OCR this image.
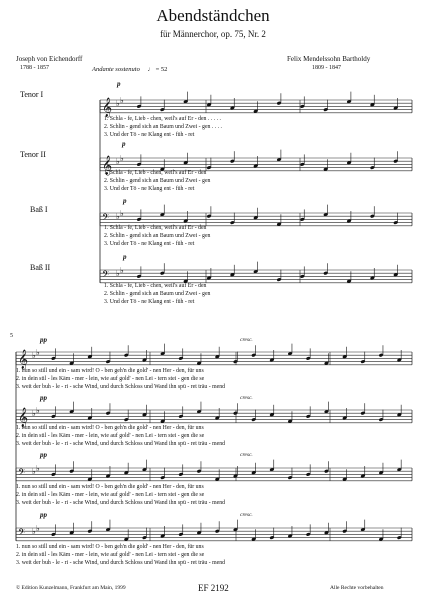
Abendständchen
für Männerchor, op. 75, Nr. 2
Joseph von Eichendorff
1788 - 1857
Felix Mendelssohn Bartholdy
1809 - 1847
Andante sostenuto ♩ = 52
Tenor I
Tenor II
Baß I
Baß II
𝄞 ♭ ♭
𝄞 ♭ ♭
𝄢 ♭ ♭
𝄢 ♭ ♭
𝄞 ♭ ♭
𝄞 ♭ ♭
𝄢 ♭ ♭
𝄢 ♭ ♭
p
p
p
p
5	pp
pp
pp
pp
cresc.
cresc.
cresc.
cresc.
1. Schla - fe, Lieb - chen, weil's auf Er - den . . . . .
2. Schlin - gend sich an Baum und Zwei - gen . . . .
3. Und der Tö - ne Klang ent - füh - ret
1. Schla - fe, Lieb - chen, weil's auf Er - den
2. Schlin - gend sich an Baum und Zwei - gen
3. Und der Tö - ne Klang ent - füh - ret
1. Schla - fe, Lieb - chen, weil's auf Er - den
2. Schlin - gend sich an Baum und Zwei - gen
3. Und der Tö - ne Klang ent - füh - ret
1. Schla - fe, Lieb - chen, weil's auf Er - den
2. Schlin - gend sich an Baum und Zwei - gen
3. Und der Tö - ne Klang ent - füh - ret
1. nun so still und ein - sam wird! O - ben geh'n die gold' - nen Her - den, für uns
2. in dein stil - les Käm - mer - lein, wie auf gold' - nen Lei - tern stei - gen die se
3. weit der buh - le - ri - sche Wind, und durch Schloss und Wand ihn spü - ret träu - mend
1. nun so still und ein - sam wird! O - ben geh'n die gold' - nen Her - den, für uns
2. in dein stil - les Käm - mer - lein, wie auf gold' - nen Lei - tern stei - gen die se
3. weit der buh - le - ri - sche Wind, und durch Schloss und Wand ihn spü - ret träu - mend
1. nun so still und ein - sam wird! O - ben geh'n die gold' - nen Her - den, für uns
2. in dein stil - les Käm - mer - lein, wie auf gold' - nen Lei - tern stei - gen die se
3. weit der buh - le - ri - sche Wind, und durch Schloss und Wand ihn spü - ret träu - mend
1. nun so still und ein - sam wird! O - ben geh'n die gold' - nen Her - den, für uns
2. in dein stil - les Käm - mer - lein, wie auf gold' - nen Lei - tern stei - gen die se
3. weit der buh - le - ri - sche Wind, und durch Schloss und Wand ihn spü - ret träu - mend
© Edition Kunzelmann, Frankfurt am Main, 1999	EF 2192	Alle Rechte vorbehalten
